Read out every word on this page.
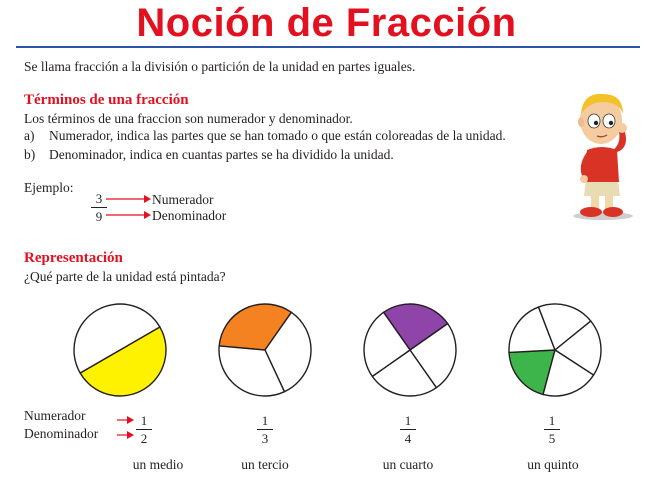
Noción de Fracción
Se llama fracción a la división o partición de la unidad en partes iguales.
Términos de una fracción
Los términos de una fraccion son numerador y denominador.
a) Numerador, indica las partes que se han tomado o que están coloreadas de la unidad.
b) Denominador, indica en cuantas partes se ha dividido la unidad.
Ejemplo:
3
9
Numerador
Denominador
Representación
¿Qué parte de la unidad está pintada?
Numerador
Denominador
1
2
1
3
1
4
1
5
un medio	un tercio	un cuarto	un quinto
